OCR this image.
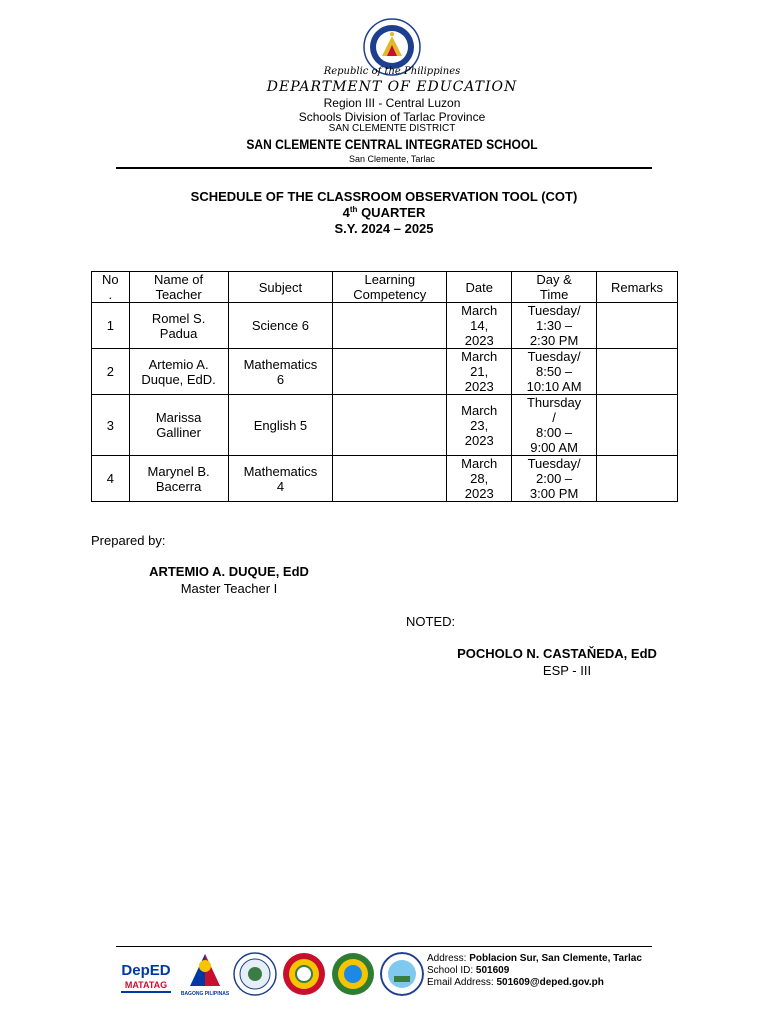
Republic of the Philippines
DEPARTMENT OF EDUCATION
Region III - Central Luzon
Schools Division of Tarlac Province
SAN CLEMENTE DISTRICT
SAN CLEMENTE CENTRAL INTEGRATED SCHOOL
San Clemente, Tarlac
SCHEDULE OF THE CLASSROOM OBSERVATION TOOL (COT)
4th QUARTER
S.Y. 2024 – 2025
No
.	Name of
Teacher	Subject	Learning
Competency	Date	Day &
Time	Remarks
1	Romel S.
Padua	Science 6		March
14,
2023	Tuesday/
1:30 –
2:30 PM	
2	Artemio A.
Duque, EdD.	Mathematics
6		March
21,
2023	Tuesday/
8:50 –
10:10 AM	
3	Marissa
Galliner	English 5		March
23,
2023	Thursday
/
8:00 –
9:00 AM	
4	Marynel B.
Bacerra	Mathematics
4		March
28,
2023	Tuesday/
2:00 –
3:00 PM	
Prepared by:
ARTEMIO A. DUQUE, EdD
Master Teacher I
NOTED:
POCHOLO N. CASTAŇEDA, EdD
ESP - III
DepED
MATATAG
BAGONG PILIPINAS
Address: Poblacion Sur, San Clemente, Tarlac
School ID: 501609
Email Address: 501609@deped.gov.ph
